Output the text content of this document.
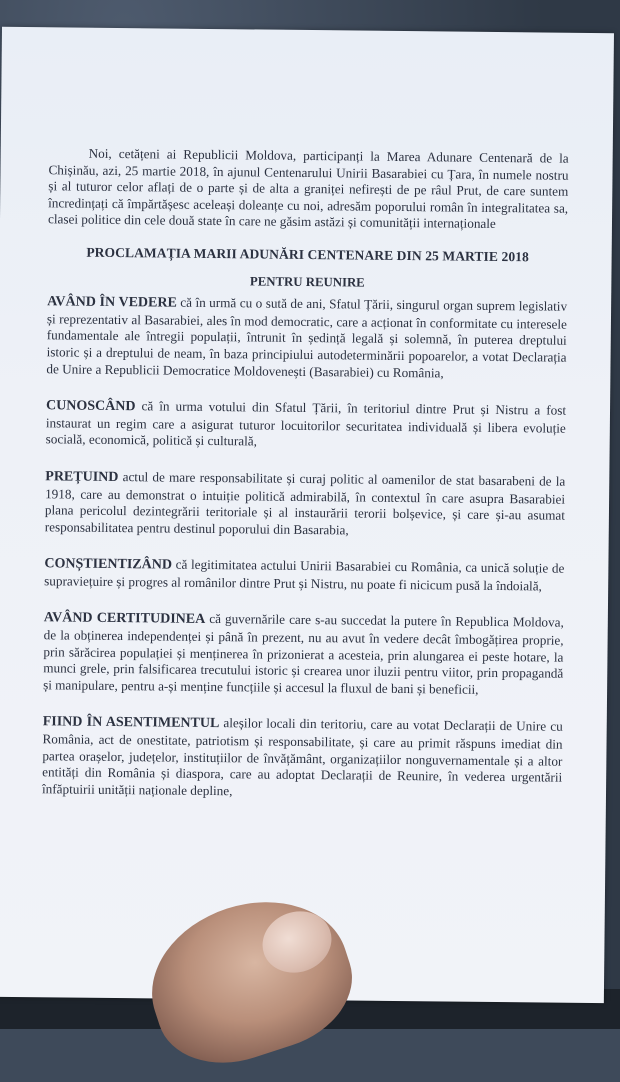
Noi, cetățeni ai Republicii Moldova, participanți la Marea Adunare Centenară de la Chișinău, azi, 25 martie 2018, în ajunul Centenarului Unirii Basarabiei cu Țara, în numele nostru și al tuturor celor aflați de o parte și de alta a graniței nefirești de pe râul Prut, de care suntem încredințați că împărtășesc aceleași doleanțe cu noi, adresăm poporului român în integralitatea sa, clasei politice din cele două state în care ne găsim astăzi și comunității internaționale

PROCLAMAȚIA MARII ADUNĂRI CENTENARE DIN 25 MARTIE 2018
PENTRU REUNIRE

AVÂND ÎN VEDERE că în urmă cu o sută de ani, Sfatul Țării, singurul organ suprem legislativ și reprezentativ al Basarabiei, ales în mod democratic, care a acționat în conformitate cu interesele fundamentale ale întregii populații, întrunit în ședință legală și solemnă, în puterea dreptului istoric și a dreptului de neam, în baza principiului autodeterminării popoarelor, a votat Declarația de Unire a Republicii Democratice Moldovenești (Basarabiei) cu România,

CUNOSCÂND că în urma votului din Sfatul Țării, în teritoriul dintre Prut și Nistru a fost instaurat un regim care a asigurat tuturor locuitorilor securitatea individuală și libera evoluție socială, economică, politică și culturală,

PREȚUIND actul de mare responsabilitate și curaj politic al oamenilor de stat basarabeni de la 1918, care au demonstrat o intuiție politică admirabilă, în contextul în care asupra Basarabiei plana pericolul dezintegrării teritoriale și al instaurării terorii bolșevice, și care și-au asumat responsabilitatea pentru destinul poporului din Basarabia,

CONȘTIENTIZÂND că legitimitatea actului Unirii Basarabiei cu România, ca unică soluție de supraviețuire și progres al românilor dintre Prut și Nistru, nu poate fi nicicum pusă la îndoială,

AVÂND CERTITUDINEA că guvernările care s-au succedat la putere în Republica Moldova, de la obținerea independenței și până în prezent, nu au avut în vedere decât îmbogățirea proprie, prin sărăcirea populației și menținerea în prizonierat a acesteia, prin alungarea ei peste hotare, la munci grele, prin falsificarea trecutului istoric și crearea unor iluzii pentru viitor, prin propagandă și manipulare, pentru a-și menține funcțiile și accesul la fluxul de bani și beneficii,

FIIND ÎN ASENTIMENTUL aleșilor locali din teritoriu, care au votat Declarații de Unire cu România, act de onestitate, patriotism și responsabilitate, și care au primit răspuns imediat din partea orașelor, județelor, instituțiilor de învățământ, organizațiilor nonguvernamentale și a altor entități din România și diaspora, care au adoptat Declarații de Reunire, în vederea urgentării înfăptuirii unității naționale depline,
